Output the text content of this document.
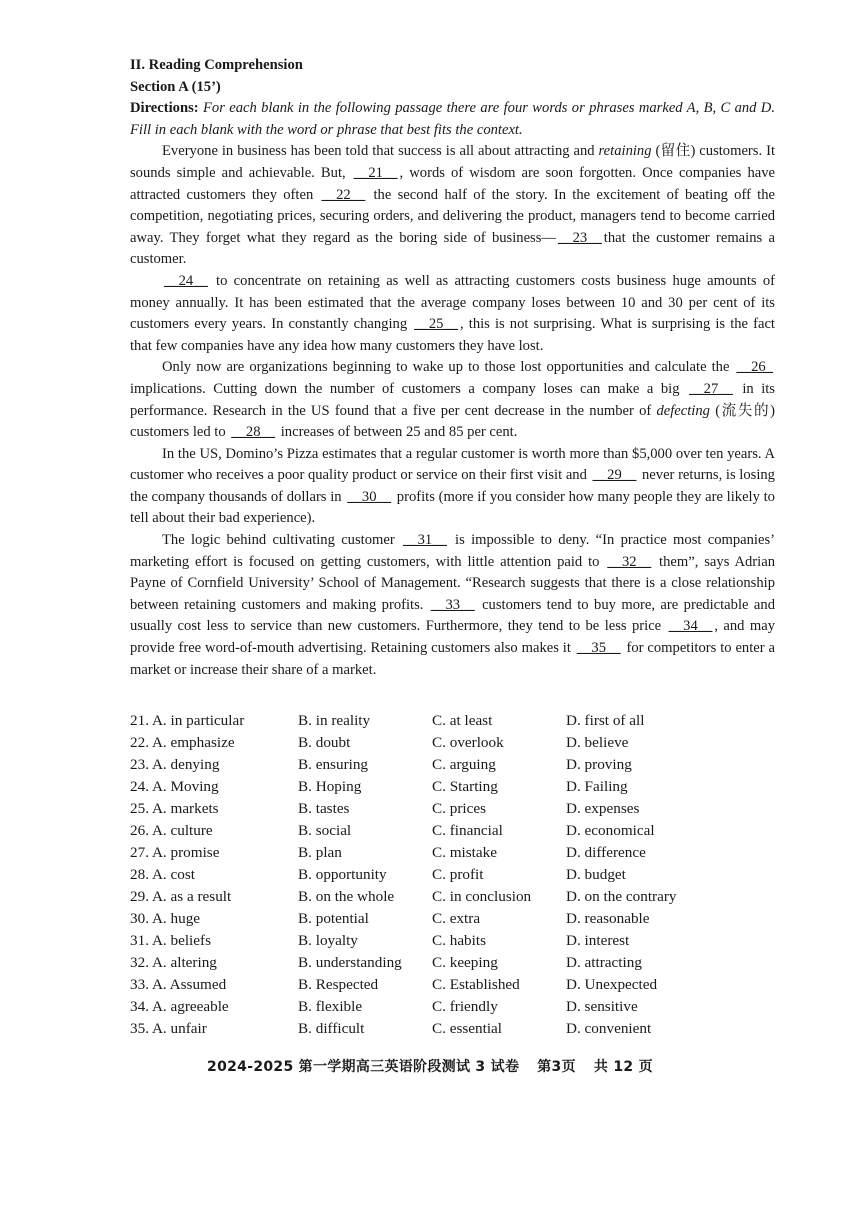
II. Reading Comprehension
Section A (15’)
Directions: For each blank in the following passage there are four words or phrases marked A, B, C and D. Fill in each blank with the word or phrase that best fits the context.

Everyone in business has been told that success is all about attracting and retaining (留住) customers. It sounds simple and achievable. But, __21__ , words of wisdom are soon forgotten. Once companies have attracted customers they often __22__ the second half of the story. In the excitement of beating off the competition, negotiating prices, securing orders, and delivering the product, managers tend to become carried away. They forget what they regard as the boring side of business— __23__ that the customer remains a customer.

__24__ to concentrate on retaining as well as attracting customers costs business huge amounts of money annually. It has been estimated that the average company loses between 10 and 30 per cent of its customers every years. In constantly changing __25__ , this is not surprising. What is surprising is the fact that few companies have any idea how many customers they have lost.

Only now are organizations beginning to wake up to those lost opportunities and calculate the __26_ implications. Cutting down the number of customers a company loses can make a big __27__ in its performance. Research in the US found that a five per cent decrease in the number of defecting (流失的) customers led to __28__ increases of between 25 and 85 per cent.

In the US, Domino’s Pizza estimates that a regular customer is worth more than $5,000 over ten years. A customer who receives a poor quality product or service on their first visit and __29__ never returns, is losing the company thousands of dollars in __30__ profits (more if you consider how many people they are likely to tell about their bad experience).

The logic behind cultivating customer __31__ is impossible to deny. “In practice most companies’ marketing effort is focused on getting customers, with little attention paid to __32__ them”, says Adrian Payne of Cornfield University’ School of Management. “Research suggests that there is a close relationship between retaining customers and making profits. __33__ customers tend to buy more, are predictable and usually cost less to service than new customers. Furthermore, they tend to be less price __34__ , and may provide free word-of-mouth advertising. Retaining customers also makes it __35__ for competitors to enter a market or increase their share of a market.

21. A. in particular	B. in reality	C. at least	D. first of all
22. A. emphasize	B. doubt	C. overlook	D. believe
23. A. denying	B. ensuring	C. arguing	D. proving
24. A. Moving	B. Hoping	C. Starting	D. Failing
25. A. markets	B. tastes	C. prices	D. expenses
26. A. culture	B. social	C. financial	D. economical
27. A. promise	B. plan	C. mistake	D. difference
28. A. cost	B. opportunity	C. profit	D. budget
29. A. as a result	B. on the whole	C. in conclusion	D. on the contrary
30. A. huge	B. potential	C. extra	D. reasonable
31. A. beliefs	B. loyalty	C. habits	D. interest
32. A. altering	B. understanding	C. keeping	D. attracting
33. A. Assumed	B. Respected	C. Established	D. Unexpected
34. A. agreeable	B. flexible	C. friendly	D. sensitive
35. A. unfair	B. difficult	C. essential	D. convenient
2024-2025 第一学期高三英语阶段测试 3 试卷 第3页 共 12 页
